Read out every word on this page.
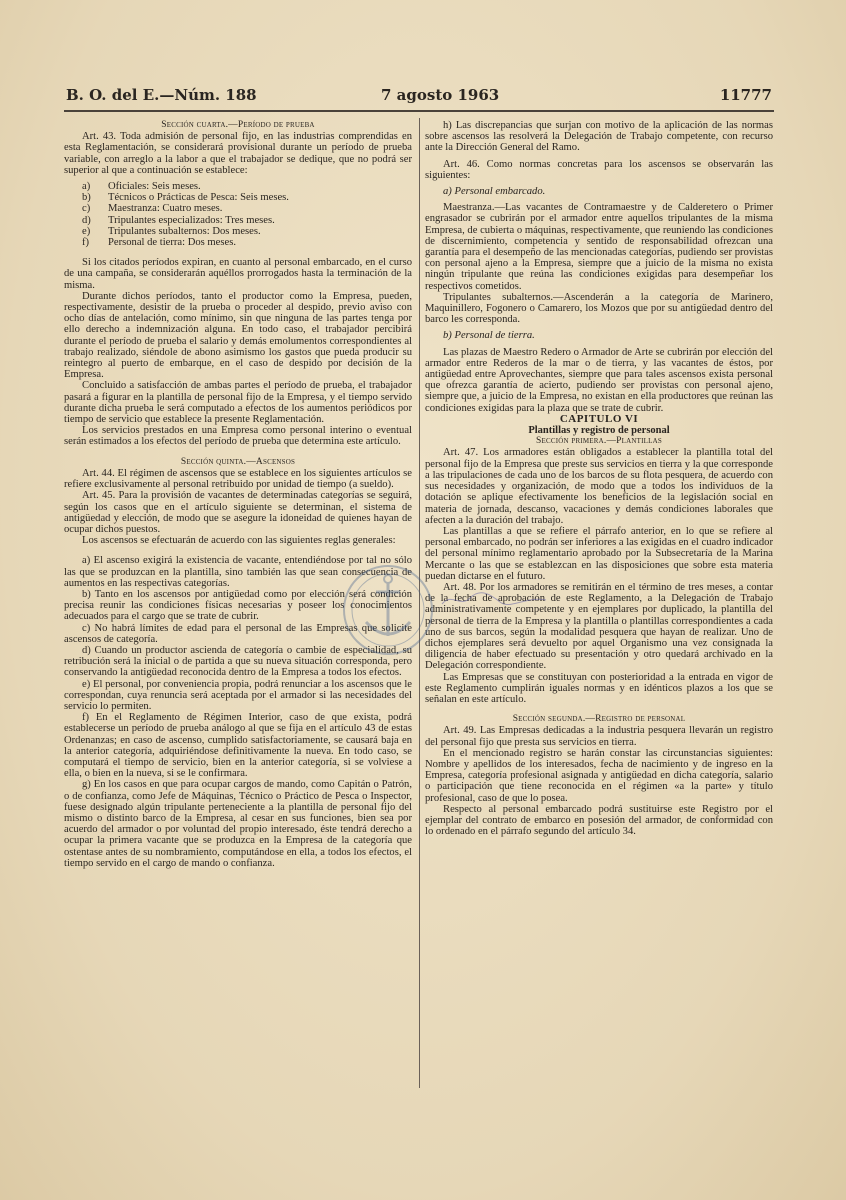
B. O. del E.—Núm. 188	7 agosto 1963	11777

Sección cuarta.—Período de prueba

Art. 43. Toda admisión de personal fijo, en las industrias comprendidas en esta Reglamentación, se considerará provisional durante un período de prueba variable, con arreglo a la labor a que el trabajador se dedique, que no podrá ser superior al que a continuación se establece:

a) Oficiales: Seis meses.

b) Técnicos o Prácticas de Pesca: Seis meses.

c) Maestranza: Cuatro meses.

d) Tripulantes especializados: Tres meses.

e) Tripulantes subalternos: Dos meses.

f) Personal de tierra: Dos meses.

Si los citados períodos expiran, en cuanto al personal embarcado, en el curso de una campaña, se considerarán aquéllos prorrogados hasta la terminación de la misma.

Durante dichos períodos, tanto el productor como la Empresa, pueden, respectivamente, desistir de la prueba o proceder al despido, previo aviso con ocho días de antelación, como mínimo, sin que ninguna de las partes tenga por ello derecho a indemnización alguna. En todo caso, el trabajador percibirá durante el período de prueba el salario y demás emolumentos correspondientes al trabajo realizado, siéndole de abono asimismo los gastos que pueda producir su reintegro al puerto de embarque, en el caso de despido por decisión de la Empresa.

Concluido a satisfacción de ambas partes el período de prueba, el trabajador pasará a figurar en la plantilla de personal fijo de la Empresa, y el tiempo servido durante dicha prueba le será computado a efectos de los aumentos periódicos por tiempo de servicio que establece la presente Reglamentación.

Los servicios prestados en una Empresa como personal interino o eventual serán estimados a los efectos del período de prueba que determina este artículo.

Sección quinta.—Ascensos

Art. 44. El régimen de ascensos que se establece en los siguientes artículos se refiere exclusivamente al personal retribuido por unidad de tiempo (a sueldo).

Art. 45. Para la provisión de vacantes de determinadas categorías se seguirá, según los casos que en el artículo siguiente se determinan, el sistema de antigüedad y elección, de modo que se asegure la idoneidad de quienes hayan de ocupar dichos puestos.

Los ascensos se efectuarán de acuerdo con las siguientes reglas generales:

a) El ascenso exigirá la existencia de vacante, entendiéndose por tal no sólo las que se produzcan en la plantilla, sino también las que sean consecuencia de aumentos en las respectivas categorías.

b) Tanto en los ascensos por antigüedad como por elección será condición precisa reunir las condiciones físicas necesarias y poseer los conocimientos adecuados para el cargo que se trate de cubrir.

c) No habrá límites de edad para el personal de las Empresas que solicite ascensos de categoría.

d) Cuando un productor ascienda de categoría o cambie de especialidad, su retribución será la inicial o de partida a que su nueva situación corresponda, pero conservando la antigüedad reconocida dentro de la Empresa a todos los efectos.

e) El personal, por conveniencia propia, podrá renunciar a los ascensos que le correspondan, cuya renuncia será aceptada por el armador si las necesidades del servicio lo permiten.

f) En el Reglamento de Régimen Interior, caso de que exista, podrá establecerse un período de prueba análogo al que se fija en el artículo 43 de estas Ordenanzas; en caso de ascenso, cumplido satisfactoriamente, se causará baja en la anterior categoría, adquiriéndose definitivamente la nueva. En todo caso, se computará el tiempo de servicio, bien en la anterior categoría, si se volviese a ella, o bien en la nueva, si se le confirmara.

g) En los casos en que para ocupar cargos de mando, como Capitán o Patrón, o de confianza, como Jefe de Máquinas, Técnico o Práctico de Pesca o Inspector, fuese designado algún tripulante perteneciente a la plantilla de personal fijo del mismo o distinto barco de la Empresa, al cesar en sus funciones, bien sea por acuerdo del armador o por voluntad del propio interesado, éste tendrá derecho a ocupar la primera vacante que se produzca en la Empresa de la categoría que ostentase antes de su nombramiento, computándose en ella, a todos los efectos, el tiempo servido en el cargo de mando o confianza.

h) Las discrepancias que surjan con motivo de la aplicación de las normas sobre ascensos las resolverá la Delegación de Trabajo competente, con recurso ante la Dirección General del Ramo.

Art. 46. Como normas concretas para los ascensos se observarán las siguientes:

a) Personal embarcado.

Maestranza.—Las vacantes de Contramaestre y de Calderetero o Primer engrasador se cubrirán por el armador entre aquellos tripulantes de la misma Empresa, de cubierta o máquinas, respectivamente, que reuniendo las condiciones de discernimiento, competencia y sentido de responsabilidad ofrezcan una garantía para el desempeño de las mencionadas categorías, pudiendo ser provistas con personal ajeno a la Empresa, siempre que a juicio de la misma no exista ningún tripulante que reúna las condiciones exigidas para desempeñar los respectivos cometidos.

Tripulantes subalternos.—Ascenderán a la categoría de Marinero, Maquinillero, Fogonero o Camarero, los Mozos que por su antigüedad dentro del barco les corresponda.

b) Personal de tierra.

Las plazas de Maestro Redero o Armador de Arte se cubrirán por elección del armador entre Rederos de la mar o de tierra, y las vacantes de éstos, por antigüedad entre Aprovechantes, siempre que para tales ascensos exista personal que ofrezca garantía de acierto, pudiendo ser provistas con personal ajeno, siempre que, a juicio de la Empresa, no existan en ella productores que reúnan las condiciones exigidas para la plaza que se trate de cubrir.

CAPITULO VI

Plantillas y registro de personal

Sección primera.—Plantillas

Art. 47. Los armadores están obligados a establecer la plantilla total del personal fijo de la Empresa que preste sus servicios en tierra y la que corresponde a las tripulaciones de cada uno de los barcos de su flota pesquera, de acuerdo con sus necesidades y organización, de modo que a todos los individuos de la dotación se aplique efectivamente los beneficios de la legislación social en materia de jornada, descanso, vacaciones y demás condiciones laborales que afecten a la duración del trabajo.

Las plantillas a que se refiere el párrafo anterior, en lo que se refiere al personal embarcado, no podrán ser inferiores a las exigidas en el cuadro indicador del personal mínimo reglamentario aprobado por la Subsecretaría de la Marina Mercante o las que se establezcan en las disposiciones que sobre esta materia puedan dictarse en el futuro.

Art. 48. Por los armadores se remitirán en el término de tres meses, a contar de la fecha de aprobación de este Reglamento, a la Delegación de Trabajo administrativamente competente y en ejemplares por duplicado, la plantilla del personal de tierra de la Empresa y la plantilla o plantillas correspondientes a cada uno de sus barcos, según la modalidad pesquera que hayan de realizar. Uno de dichos ejemplares será devuelto por aquel Organismo una vez consignada la diligencia de haber efectuado su presentación y otro quedará archivado en la Delegación correspondiente.

Las Empresas que se constituyan con posterioridad a la entrada en vigor de este Reglamento cumplirán iguales normas y en idénticos plazos a los que se señalan en este artículo.

Sección segunda.—Registro de personal

Art. 49. Las Empresas dedicadas a la industria pesquera llevarán un registro del personal fijo que presta sus servicios en tierra.

En el mencionado registro se harán constar las circunstancias siguientes: Nombre y apellidos de los interesados, fecha de nacimiento y de ingreso en la Empresa, categoría profesional asignada y antigüedad en dicha categoría, salario o participación que tiene reconocida en el régimen «a la parte» y título profesional, caso de que lo posea.

Respecto al personal embarcado podrá sustituirse este Registro por el ejemplar del contrato de embarco en posesión del armador, de conformidad con lo ordenado en el párrafo segundo del artículo 34.
